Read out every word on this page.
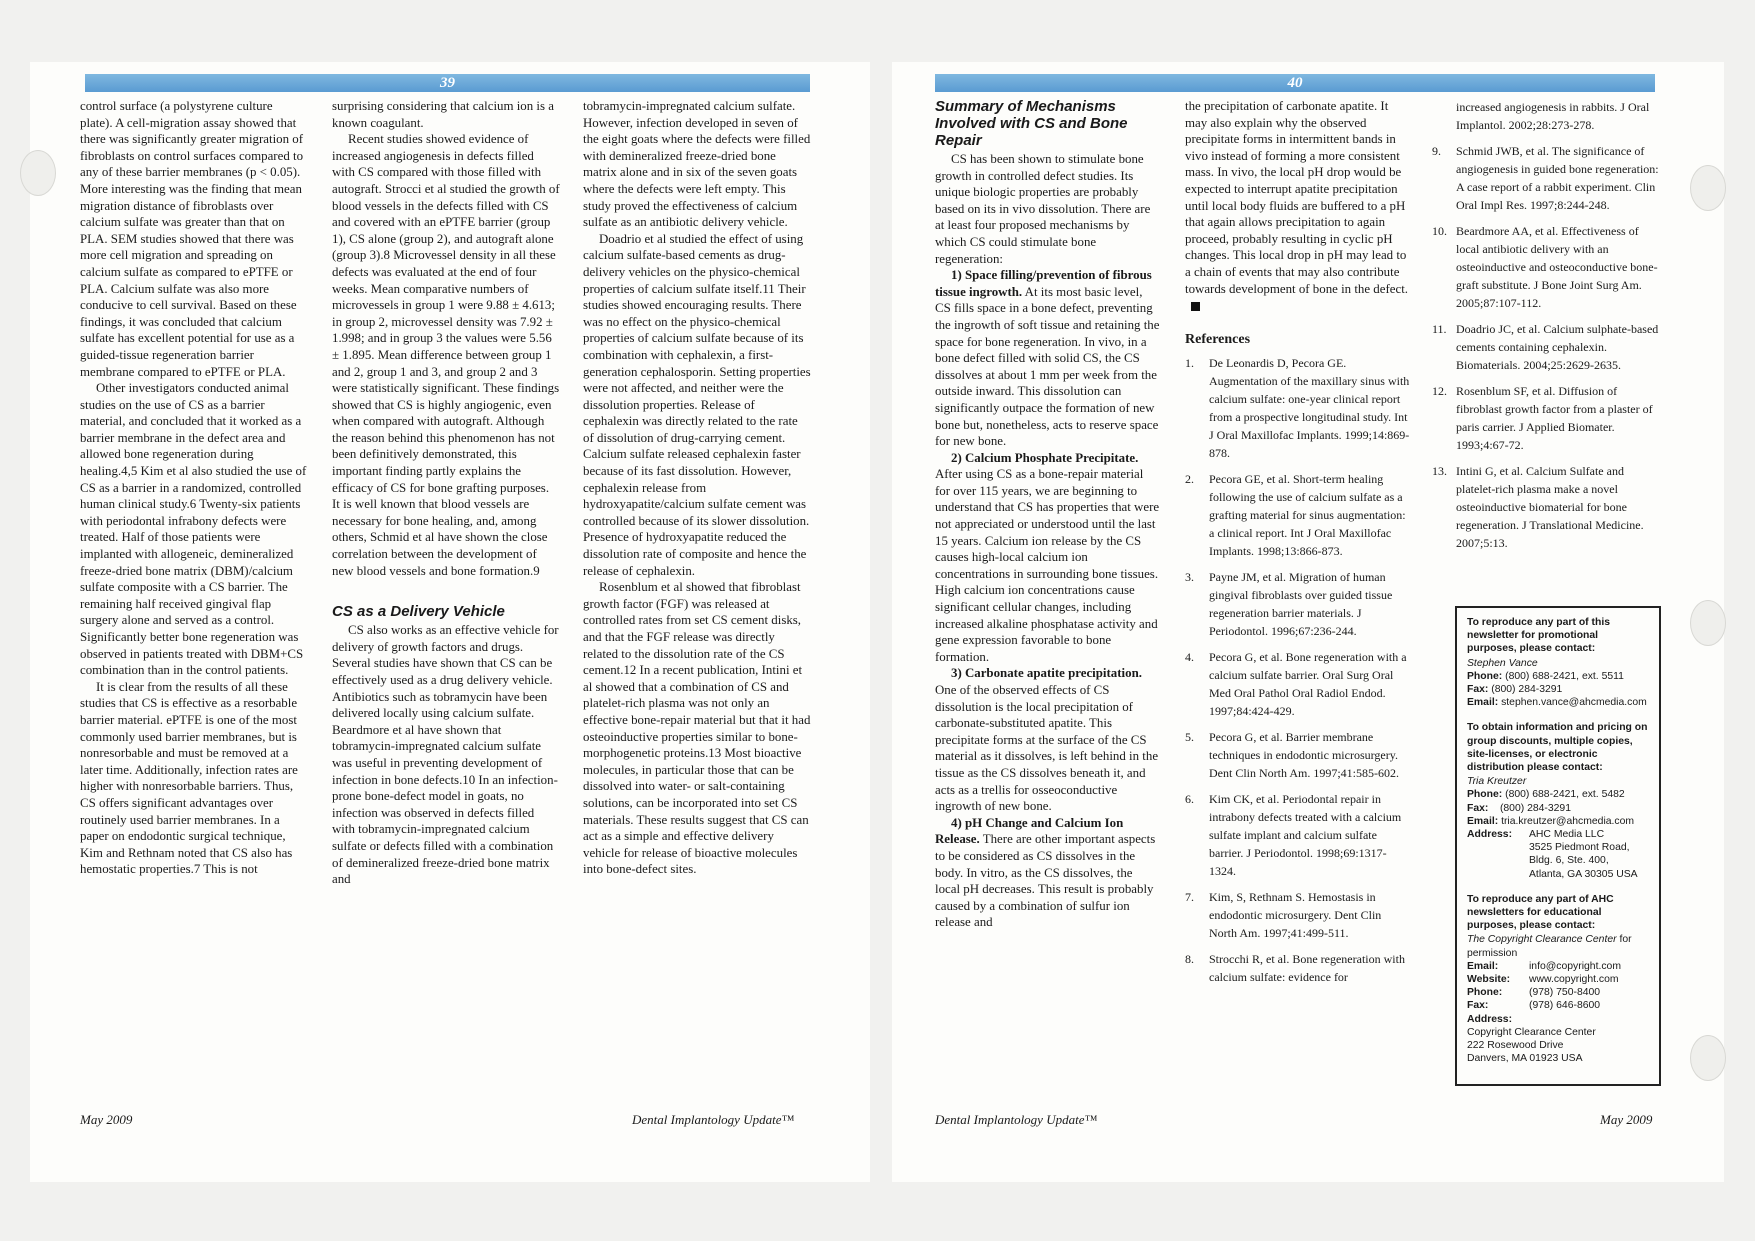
39	40

control surface (a polystyrene culture plate). A cell-migration assay showed that there was significantly greater migration of fibroblasts on control surfaces compared to any of these barrier membranes (p < 0.05). More interesting was the finding that mean migration distance of fibroblasts over calcium sulfate was greater than that on PLA. SEM studies showed that there was more cell migration and spreading on calcium sulfate as compared to ePTFE or PLA. Calcium sulfate was also more conducive to cell survival. Based on these findings, it was concluded that calcium sulfate has excellent potential for use as a guided-tissue regeneration barrier membrane compared to ePTFE or PLA.

Other investigators conducted animal studies on the use of CS as a barrier material, and concluded that it worked as a barrier membrane in the defect area and allowed bone regeneration during healing.4,5 Kim et al also studied the use of CS as a barrier in a randomized, controlled human clinical study.6 Twenty-six patients with periodontal infrabony defects were treated. Half of those patients were implanted with allogeneic, demineralized freeze-dried bone matrix (DBM)/calcium sulfate composite with a CS barrier. The remaining half received gingival flap surgery alone and served as a control. Significantly better bone regeneration was observed in patients treated with DBM+CS combination than in the control patients.

It is clear from the results of all these studies that CS is effective as a resorbable barrier material. ePTFE is one of the most commonly used barrier membranes, but is nonresorbable and must be removed at a later time. Additionally, infection rates are higher with nonresorbable barriers. Thus, CS offers significant advantages over routinely used barrier membranes. In a paper on endodontic surgical technique, Kim and Rethnam noted that CS also has hemostatic properties.7 This is not

surprising considering that calcium ion is a known coagulant.

Recent studies showed evidence of increased angiogenesis in defects filled with CS compared with those filled with autograft. Strocci et al studied the growth of blood vessels in the defects filled with CS and covered with an ePTFE barrier (group 1), CS alone (group 2), and autograft alone (group 3).8 Microvessel density in all these defects was evaluated at the end of four weeks. Mean comparative numbers of microvessels in group 1 were 9.88 ± 4.613; in group 2, microvessel density was 7.92 ± 1.998; and in group 3 the values were 5.56 ± 1.895. Mean difference between group 1 and 2, group 1 and 3, and group 2 and 3 were statistically significant. These findings showed that CS is highly angiogenic, even when compared with autograft. Although the reason behind this phenomenon has not been definitively demonstrated, this important finding partly explains the efficacy of CS for bone grafting purposes. It is well known that blood vessels are necessary for bone healing, and, among others, Schmid et al have shown the close correlation between the development of new blood vessels and bone formation.9

CS as a Delivery Vehicle

CS also works as an effective vehicle for delivery of growth factors and drugs. Several studies have shown that CS can be effectively used as a drug delivery vehicle. Antibiotics such as tobramycin have been delivered locally using calcium sulfate. Beardmore et al have shown that tobramycin-impregnated calcium sulfate was useful in preventing development of infection in bone defects.10 In an infection-prone bone-defect model in goats, no infection was observed in defects filled with tobramycin-impregnated calcium sulfate or defects filled with a combination of demineralized freeze-dried bone matrix and

tobramycin-impregnated calcium sulfate. However, infection developed in seven of the eight goats where the defects were filled with demineralized freeze-dried bone matrix alone and in six of the seven goats where the defects were left empty. This study proved the effectiveness of calcium sulfate as an antibiotic delivery vehicle.

Doadrio et al studied the effect of using calcium sulfate-based cements as drug-delivery vehicles on the physico-chemical properties of calcium sulfate itself.11 Their studies showed encouraging results. There was no effect on the physico-chemical properties of calcium sulfate because of its combination with cephalexin, a first-generation cephalosporin. Setting properties were not affected, and neither were the dissolution properties. Release of cephalexin was directly related to the rate of dissolution of drug-carrying cement. Calcium sulfate released cephalexin faster because of its fast dissolution. However, cephalexin release from hydroxyapatite/calcium sulfate cement was controlled because of its slower dissolution. Presence of hydroxyapatite reduced the dissolution rate of composite and hence the release of cephalexin.

Rosenblum et al showed that fibroblast growth factor (FGF) was released at controlled rates from set CS cement disks, and that the FGF release was directly related to the dissolution rate of the CS cement.12 In a recent publication, Intini et al showed that a combination of CS and platelet-rich plasma was not only an effective bone-repair material but that it had osteoinductive properties similar to bone-morphogenetic proteins.13 Most bioactive molecules, in particular those that can be dissolved into water- or salt-containing solutions, can be incorporated into set CS materials. These results suggest that CS can act as a simple and effective delivery vehicle for release of bioactive molecules into bone-defect sites.

Summary of Mechanisms Involved with CS and Bone Repair

CS has been shown to stimulate bone growth in controlled defect studies. Its unique biologic properties are probably based on its in vivo dissolution. There are at least four proposed mechanisms by which CS could stimulate bone regeneration:

1) Space filling/prevention of fibrous tissue ingrowth. At its most basic level, CS fills space in a bone defect, preventing the ingrowth of soft tissue and retaining the space for bone regeneration. In vivo, in a bone defect filled with solid CS, the CS dissolves at about 1 mm per week from the outside inward. This dissolution can significantly outpace the formation of new bone but, nonetheless, acts to reserve space for new bone.

2) Calcium Phosphate Precipitate. After using CS as a bone-repair material for over 115 years, we are beginning to understand that CS has properties that were not appreciated or understood until the last 15 years. Calcium ion release by the CS causes high-local calcium ion concentrations in surrounding bone tissues. High calcium ion concentrations cause significant cellular changes, including increased alkaline phosphatase activity and gene expression favorable to bone formation.

3) Carbonate apatite precipitation. One of the observed effects of CS dissolution is the local precipitation of carbonate-substituted apatite. This precipitate forms at the surface of the CS material as it dissolves, is left behind in the tissue as the CS dissolves beneath it, and acts as a trellis for osseoconductive ingrowth of new bone.

4) pH Change and Calcium Ion Release. There are other important aspects to be considered as CS dissolves in the body. In vitro, as the CS dissolves, the local pH decreases. This result is probably caused by a combination of sulfur ion release and

the precipitation of carbonate apatite. It may also explain why the observed precipitate forms in intermittent bands in vivo instead of forming a more consistent mass. In vivo, the local pH drop would be expected to interrupt apatite precipitation until local body fluids are buffered to a pH that again allows precipitation to again proceed, probably resulting in cyclic pH changes. This local drop in pH may lead to a chain of events that may also contribute towards development of bone in the defect.

References
1. De Leonardis D, Pecora GE. Augmentation of the maxillary sinus with calcium sulfate: one-year clinical report from a prospective longitudinal study. Int J Oral Maxillofac Implants. 1999;14:869-878.
2. Pecora GE, et al. Short-term healing following the use of calcium sulfate as a grafting material for sinus augmentation: a clinical report. Int J Oral Maxillofac Implants. 1998;13:866-873.
3. Payne JM, et al. Migration of human gingival fibroblasts over guided tissue regeneration barrier materials. J Periodontol. 1996;67:236-244.
4. Pecora G, et al. Bone regeneration with a calcium sulfate barrier. Oral Surg Oral Med Oral Pathol Oral Radiol Endod. 1997;84:424-429.
5. Pecora G, et al. Barrier membrane techniques in endodontic microsurgery. Dent Clin North Am. 1997;41:585-602.
6. Kim CK, et al. Periodontal repair in intrabony defects treated with a calcium sulfate implant and calcium sulfate barrier. J Periodontol. 1998;69:1317-1324.
7. Kim, S, Rethnam S. Hemostasis in endodontic microsurgery. Dent Clin North Am. 1997;41:499-511.
8. Strocchi R, et al. Bone regeneration with calcium sulfate: evidence for
increased angiogenesis in rabbits. J Oral Implantol. 2002;28:273-278.
9. Schmid JWB, et al. The significance of angiogenesis in guided bone regeneration: A case report of a rabbit experiment. Clin Oral Impl Res. 1997;8:244-248.
10. Beardmore AA, et al. Effectiveness of local antibiotic delivery with an osteoinductive and osteoconductive bone-graft substitute. J Bone Joint Surg Am. 2005;87:107-112.
11. Doadrio JC, et al. Calcium sulphate-based cements containing cephalexin. Biomaterials. 2004;25:2629-2635.
12. Rosenblum SF, et al. Diffusion of fibroblast growth factor from a plaster of paris carrier. J Applied Biomater. 1993;4:67-72.
13. Intini G, et al. Calcium Sulfate and platelet-rich plasma make a novel osteoinductive biomaterial for bone regeneration. J Translational Medicine. 2007;5:13.
To reproduce any part of this newsletter for promotional purposes, please contact:
Stephen Vance
Phone: (800) 688-2421, ext. 5511
Fax: (800) 284-3291
Email: stephen.vance@ahcmedia.com
To obtain information and pricing on group discounts, multiple copies, site-licenses, or electronic distribution please contact:
Tria Kreutzer
Phone: (800) 688-2421, ext. 5482
Fax: (800) 284-3291
Email: tria.kreutzer@ahcmedia.com
Address:	AHC Media LLC
3525 Piedmont Road,
Bldg. 6, Ste. 400,
Atlanta, GA 30305 USA
To reproduce any part of AHC newsletters for educational purposes, please contact:
The Copyright Clearance Center for permission
Email:	info@copyright.com
Website:	www.copyright.com
Phone:	(978) 750-8400
Fax:	(978) 646-8600
Address:
Copyright Clearance Center
222 Rosewood Drive
Danvers, MA 01923 USA
May 2009	Dental Implantology Update™	Dental Implantology Update™	May 2009
